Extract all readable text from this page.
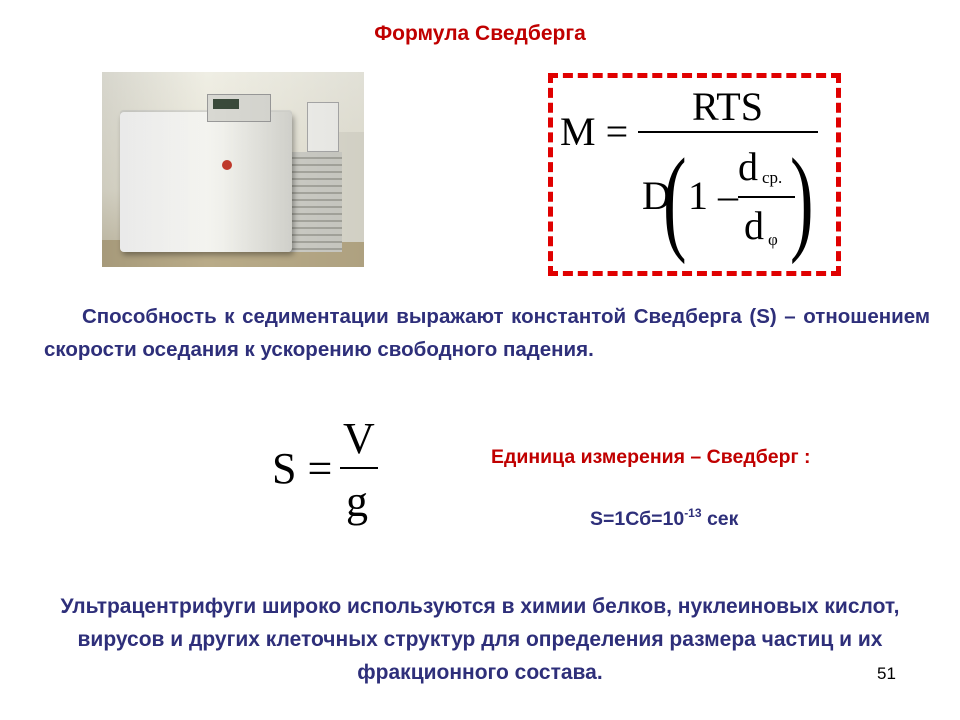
Формула Сведберга
M =
RTS
D
( 1 –
d ср.
d φ )
Способность к седиментации выражают константой Сведберга (S) – отношением скорости оседания к ускорению свободного падения.
S =
V
g
Единица измерения – Сведберг :
$S=1Сб=10^{-13}$ сек
Ультрацентрифуги широко используются в химии белков, нуклеиновых кислот, вирусов и других клеточных структур для определения размера частиц и их фракционного состава.	51
